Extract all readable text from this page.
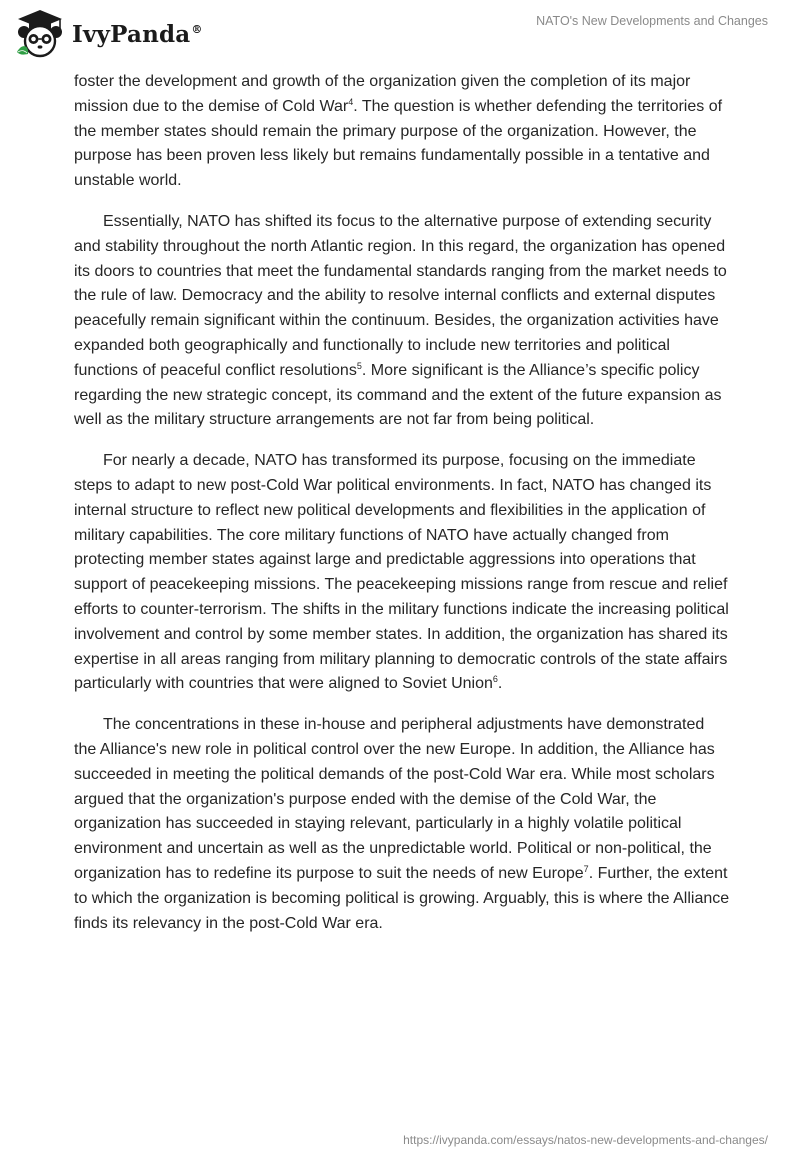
IvyPanda®
NATO's New Developments and Changes

foster the development and growth of the organization given the completion of its major mission due to the demise of Cold War$^4$. The question is whether defending the territories of the member states should remain the primary purpose of the organization. However, the purpose has been proven less likely but remains fundamentally possible in a tentative and unstable world.

Essentially, NATO has shifted its focus to the alternative purpose of extending security and stability throughout the north Atlantic region. In this regard, the organization has opened its doors to countries that meet the fundamental standards ranging from the market needs to the rule of law. Democracy and the ability to resolve internal conflicts and external disputes peacefully remain significant within the continuum. Besides, the organization activities have expanded both geographically and functionally to include new territories and political functions of peaceful conflict resolutions$^5$. More significant is the Alliance’s specific policy regarding the new strategic concept, its command and the extent of the future expansion as well as the military structure arrangements are not far from being political.

For nearly a decade, NATO has transformed its purpose, focusing on the immediate steps to adapt to new post-Cold War political environments. In fact, NATO has changed its internal structure to reflect new political developments and flexibilities in the application of military capabilities. The core military functions of NATO have actually changed from protecting member states against large and predictable aggressions into operations that support of peacekeeping missions. The peacekeeping missions range from rescue and relief efforts to counter-terrorism. The shifts in the military functions indicate the increasing political involvement and control by some member states. In addition, the organization has shared its expertise in all areas ranging from military planning to democratic controls of the state affairs particularly with countries that were aligned to Soviet Union$^6$.

The concentrations in these in-house and peripheral adjustments have demonstrated the Alliance's new role in political control over the new Europe. In addition, the Alliance has succeeded in meeting the political demands of the post-Cold War era. While most scholars argued that the organization's purpose ended with the demise of the Cold War, the organization has succeeded in staying relevant, particularly in a highly volatile political environment and uncertain as well as the unpredictable world. Political or non-political, the organization has to redefine its purpose to suit the needs of new Europe$^7$. Further, the extent to which the organization is becoming political is growing. Arguably, this is where the Alliance finds its relevancy in the post-Cold War era.

https://ivypanda.com/essays/natos-new-developments-and-changes/
